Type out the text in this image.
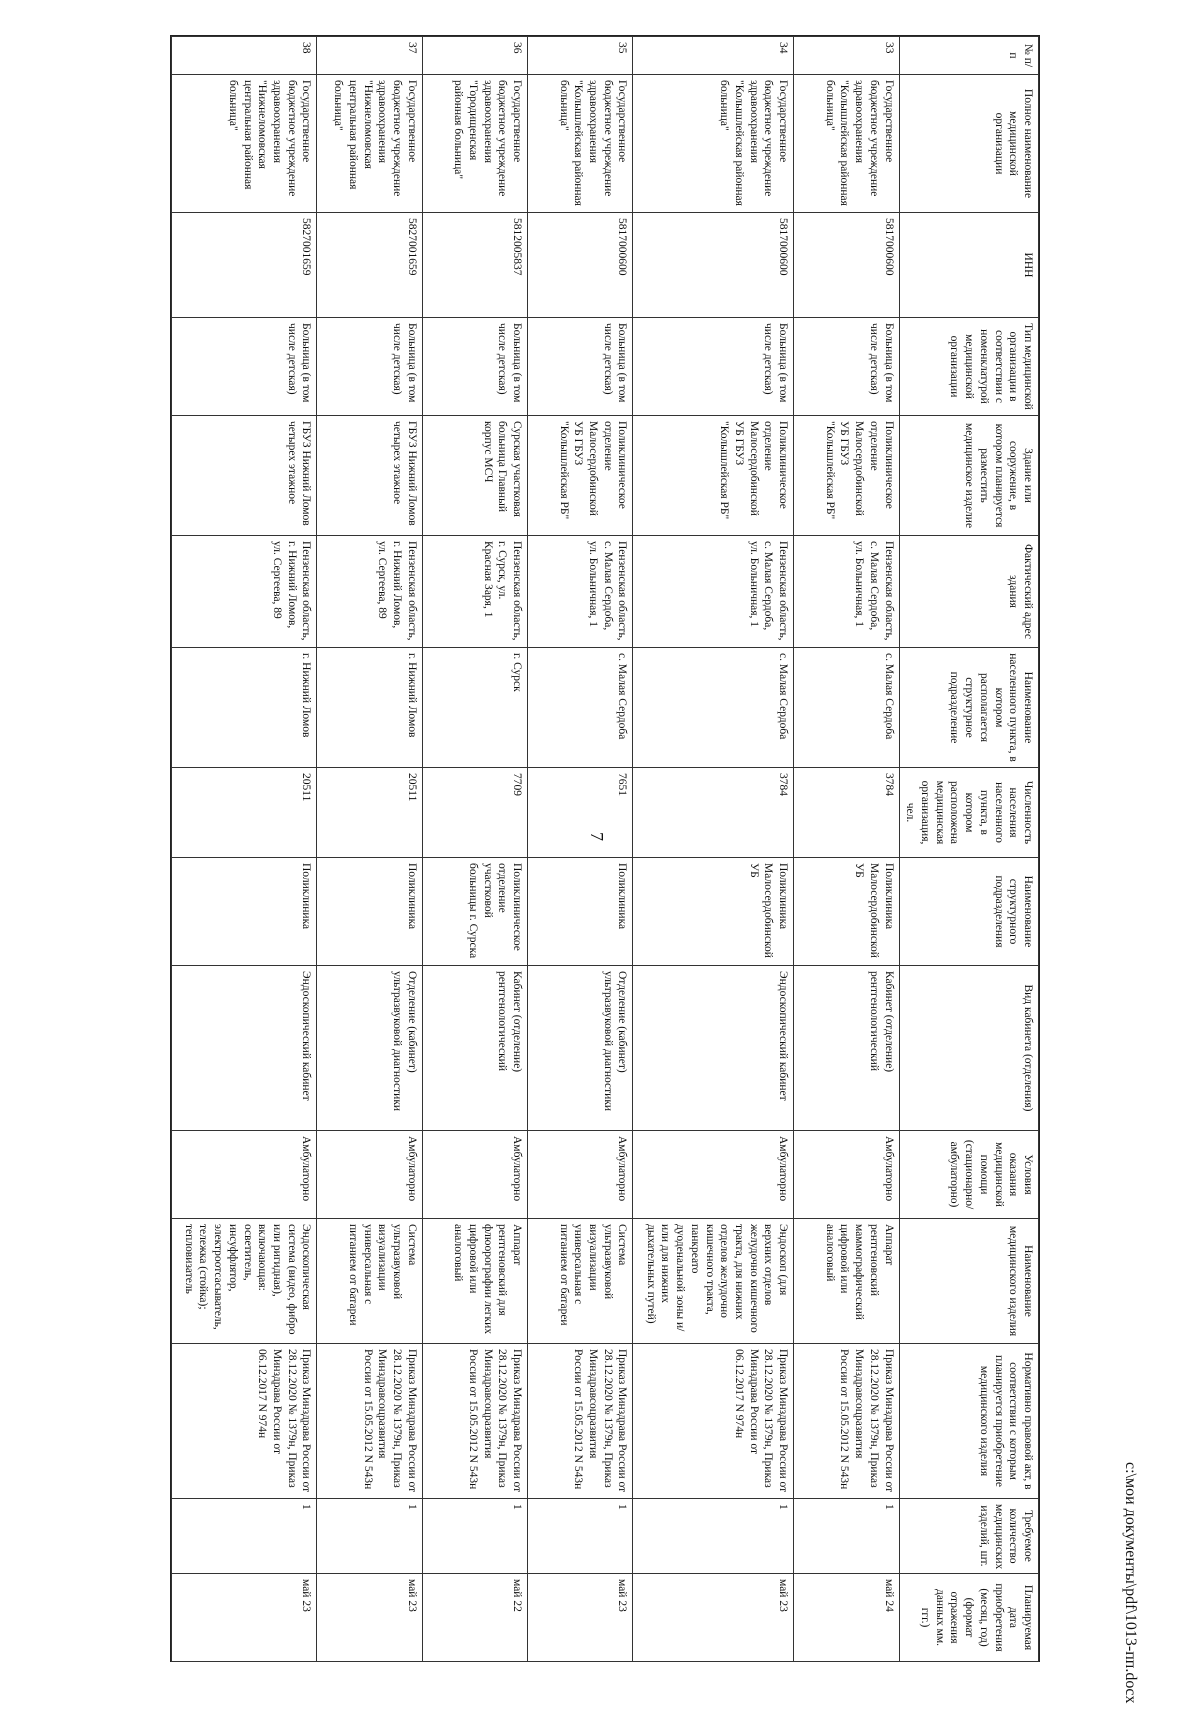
7
№ п/п	Полное наименование медицинской организации	ИНН	Тип медицинской организации в соответствии с номенклатурой медицинской организации	Здание или сооружение, в котором планируется разместить медицинское изделие	Фактический адрес здания	Наименование населенного пункта, в котором располагается структурное подразделение	Численность населения населенного пункта, в котором расположена медицинская организация, чел.	Наименование структурного подразделения	Вид кабинета (отделения)	Условия оказания медицинской помощи (стационарно/ амбулаторно)	Наименование медицинского изделия	Нормативно правовой акт, в соответствии с которым планируется приобретение медицинского изделия	Требуемое количество медицинских изделий, шт.	Планируемая дата приобретения (месяц, год) (формат отражения данных мм. ггг.)
33	Государственное бюджетное учреждение здравоохранения "Колышлейская районная больница"	5817000600	Больница (в том числе детская)	Поликлиническое отделение Малосердобинской УБ ГБУЗ "Колышлейская РБ"	Пензенская область, с. Малая Сердоба, ул. Больничная, 1	с. Малая Сердоба	3784	Поликлиника Малосердобинской УБ	Кабинет (отделение) рентгенологический	Амбулаторно	Аппарат рентгеновский маммографический цифровой или аналоговый	Приказ Минздрава России от 28.12.2020 № 1379н, Приказ Минздравсоцразвития России от 15.05.2012 N 543н	1	май 24
34	Государственное бюджетное учреждение здравоохранения "Колышлейская районная больница"	5817000600	Больница (в том числе детская)	Поликлиническое отделение Малосердобинской УБ ГБУЗ "Колышлейская РБ"	Пензенская область, с. Малая Сердоба, ул. Больничная, 1	с. Малая Сердоба	3784	Поликлиника Малосердобинской УБ	Эндоскопический кабинет	Амбулаторно	Эндоскоп (для верхних отделов желудочно кишечного тракта, для нижних отделов желудочно кишечного тракта, панкреато дуоденальной зоны и/или для нижних дыхательных путей)	Приказ Минздрава России от 28.12.2020 № 1379н, Приказ Минздрава России от 06.12.2017 N 974н	1	май 23
35	Государственное бюджетное учреждение здравоохранения "Колышлейская районная больница"	5817000600	Больница (в том числе детская)	Поликлиническое отделение Малосердобинской УБ ГБУЗ "Колышлейская РБ"	Пензенская область, с. Малая Сердоба, ул. Больничная, 1	с. Малая Сердоба	7651	Поликлиника	Отделение (кабинет) ультразвуковой диагностики	Амбулаторно	Система ультразвуковой визуализации универсальная с питанием от батареи	Приказ Минздрава России от 28.12.2020 № 1379н, Приказ Минздравсоцразвития России от 15.05.2012 N 543н	1	май 23
36	Государственное бюджетное учреждение здравоохранения "Городищенская районная больница"	5812005837	Больница (в том числе детская)	Сурская участковая больница Главный корпус МСЧ	Пензенская область, г. Сурск, ул. Красная Заря, 1	г. Сурск	7709	Поликлиническое отделение участковой больницы г. Сурска	Кабинет (отделение) рентгенологический	Амбулаторно	Аппарат рентгеновский для флюорографии легких цифровой или аналоговый	Приказ Минздрава России от 28.12.2020 № 1379н, Приказ Минздравсоцразвития России от 15.05.2012 N 543н	1	май 22
37	Государственное бюджетное учреждение здравоохранения "Нижнеломовская центральная районная больница"	5827001659	Больница (в том числе детская)	ГБУЗ Нижний Ломов четырех этажное	Пензенская область, г. Нижний Ломов, ул. Сергеева, 89	г. Нижний Ломов	20511	Поликлиника	Отделение (кабинет) ультразвуковой диагностики	Амбулаторно	Система ультразвуковой визуализации универсальная с питанием от батареи	Приказ Минздрава России от 28.12.2020 № 1379н, Приказ Минздравсоцразвития России от 15.05.2012 N 543н	1	май 23
38	Государственное бюджетное учреждение здравоохранения "Нижнеломовская центральная районная больница"	5827001659	Больница (в том числе детская)	ГБУЗ Нижний Ломов четырех этажное	Пензенская область, г. Нижний Ломов, ул. Сергеева, 89	г. Нижний Ломов	20511	Поликлиника	Эндоскопический кабинет	Амбулаторно	Эндоскопическая система (видео, фибро или ригидная), включающая: осветитель, инсуффлятор, электроотсасыватель, тележка (стойка); тепловизатель	Приказ Минздрава России от 28.12.2020 № 1379н, Приказ Минздрава России от 06.12.2017 N 974н	1	май 23	c:\мои документы\pdf\1013-пп.docx
